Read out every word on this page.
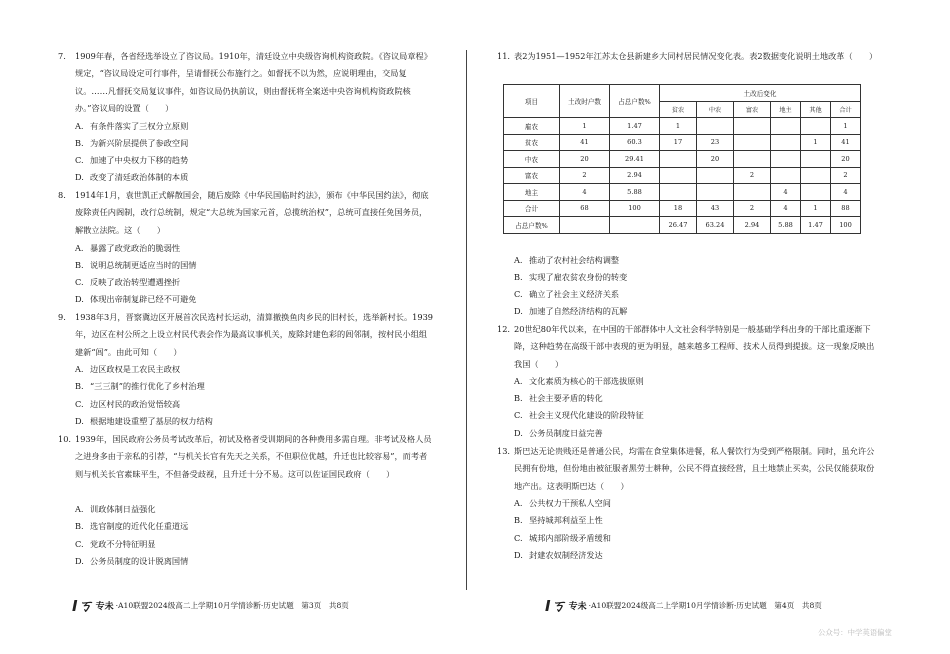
7. 1909年春，各省经选举设立了咨议局。1910年，清廷设立中央级咨询机构资政院。《咨议局章程》规定，“咨议局设定可行事件，呈请督抚公布施行之。如督抚不以为然，应说明理由，交局复议。……凡督抚交局复议事件，如咨议局仍执前议，则由督抚将全案送中央咨询机构资政院核办。”咨议局的设置（　　）
A. 有条件落实了三权分立原则
B. 为新兴阶层提供了参政空间
C. 加速了中央权力下移的趋势
D. 改变了清廷政治体制的本质
8. 1914年1月，袁世凯正式解散国会，随后废除《中华民国临时约法》，颁布《中华民国约法》，彻底废除责任内阁制，改行总统制，规定“大总统为国家元首，总揽统治权”，总统可直接任免国务员，解散立法院。这（　　）
A. 暴露了政党政治的脆弱性
B. 说明总统制更适应当时的国情
C. 反映了政治转型遭遇挫折
D. 体现出帝制复辟已经不可避免
9. 1938年3月，晋察冀边区开展首次民选村长运动，清算撤换鱼肉乡民的旧村长，选举新村长。1939年，边区在村公所之上设立村民代表会作为最高议事机关，废除封建色彩的闾邻制，按村民小组组建新“闾”。由此可知（　　）
A. 边区政权是工农民主政权
B. “三三制”的推行优化了乡村治理
C. 边区村民的政治觉悟较高
D. 根据地建设重塑了基层的权力结构
10. 1939年，国民政府公务员考试改革后，初试及格者受训期间的各种费用多需自理。非考试及格人员之进身多由于亲私的引荐，“与机关长官有先天之关系，不但职位优越，升迁也比较容易”，而考者则与机关长官素昧平生，不但备受歧视，且升迁十分不易。这可以佐证国民政府（　　）
A. 训政体制日益强化
B. 选官制度的近代化任重道远
C. 党政不分特征明显
D. 公务员制度的设计脱离国情
Iㄎ 专未 ·A10联盟2024级高二上学期10月学情诊断·历史试题　第3页　共8页
11. 表2为1951—1952年江苏太仓县新建乡大同村居民情况变化表。表2数据变化说明土地改革（　　）
项目	土改时户数	占总户数%	土改后变化					
			贫农	中农	富农	地主	其他	合计
雇农	1	1.47	1					1
贫农	41	60.3	17	23			1	41
中农	20	29.41		20				20
富农	2	2.94			2			2
地主	4	5.88				4		4
合计	68	100	18	43	2	4	1	88
占总户数%			26.47	63.24	2.94	5.88	1.47	100
A. 推动了农村社会结构调整
B. 实现了雇农贫农身份的转变
C. 确立了社会主义经济关系
D. 加速了自然经济结构的瓦解
12. 20世纪80年代以来，在中国的干部群体中人文社会科学特别是一般基础学科出身的干部比重逐渐下降，这种趋势在高级干部中表现的更为明显，越来越多工程师、技术人员得到提拔。这一现象反映出我国（　　）
A. 文化素质为核心的干部选拔原则
B. 社会主要矛盾的转化
C. 社会主义现代化建设的阶段特征
D. 公务员制度日益完善
13. 斯巴达无论贵贱还是普通公民，均需在食堂集体进餐，私人餐饮行为受到严格限制。同时，虽允许公民拥有份地，但份地由被征服者黑劳士耕种，公民不得直接经营，且土地禁止买卖，公民仅能获取份地产出。这表明斯巴达（　　）
A. 公共权力干预私人空间
B. 坚持城邦利益至上性
C. 城邦内部阶级矛盾缓和
D. 封建农奴制经济发达
Iㄎ 专未 ·A10联盟2024级高二上学期10月学情诊断·历史试题　第4页　共8页
公众号：中学英语偏堂
